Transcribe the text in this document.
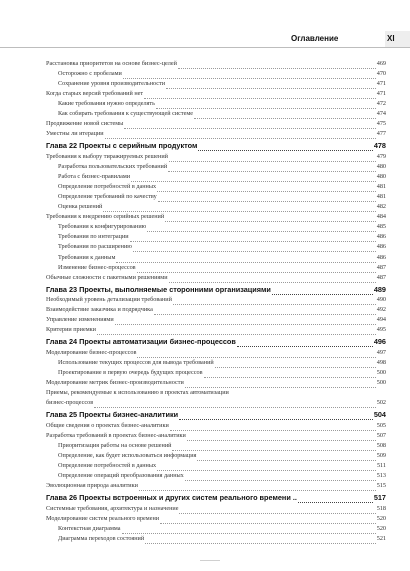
Оглавление	XI
Расстановка приоритетов на основе бизнес-целей	469
Осторожно с пробелами	470
Сохранение уровня производительности	471
Когда старых версий требований нет	471
Какие требования нужно определять	472
Как собирать требования к существующей системе	474
Продвижение новой системы	475
Уместны ли итерации	477
Глава 22 Проекты с серийным продуктом	478
Требования к выбору тиражируемых решений	479
Разработка пользовательских требований	480
Работа с бизнес-правилами	480
Определение потребностей в данных	481
Определение требований по качеству	481
Оценка решений	482
Требования к внедрению серийных решений	484
Требования к конфигурированию	485
Требования по интеграции	486
Требования по расширению	486
Требования к данным	486
Изменение бизнес-процессов	487
Обычные сложности с пакетными решениями	487
Глава 23 Проекты, выполняемые сторонними организациями	489
Необходимый уровень детализации требований	490
Взаимодействие заказчика и подрядчика	492
Управление изменениями	494
Критерии приемки	495
Глава 24 Проекты автоматизации бизнес-процессов	496
Моделирование бизнес-процессов	497
Использование текущих процессов для вывода требований	498
Проектирование в первую очередь будущих процессов	500
Моделирование метрик бизнес-производительности	500
Приемы, рекомендуемые к использованию в проектах автоматизации
бизнес-процессов	502
Глава 25 Проекты бизнес-аналитики	504
Общие сведения о проектах бизнес-аналитики	505
Разработка требований в проектах бизнес-аналитики	507
Приоритизация работы на основе решений	508
Определение, как будет использоваться информация	509
Определение потребностей в данных	511
Определение операций преобразования данных	513
Эволюционная природа аналитики	515
Глава 26 Проекты встроенных и других систем реального времени ..	517
Системные требования, архитектура и назначение	518
Моделирование систем реального времени	520
Контекстная диаграмма	520
Диаграмма переходов состояний	521
